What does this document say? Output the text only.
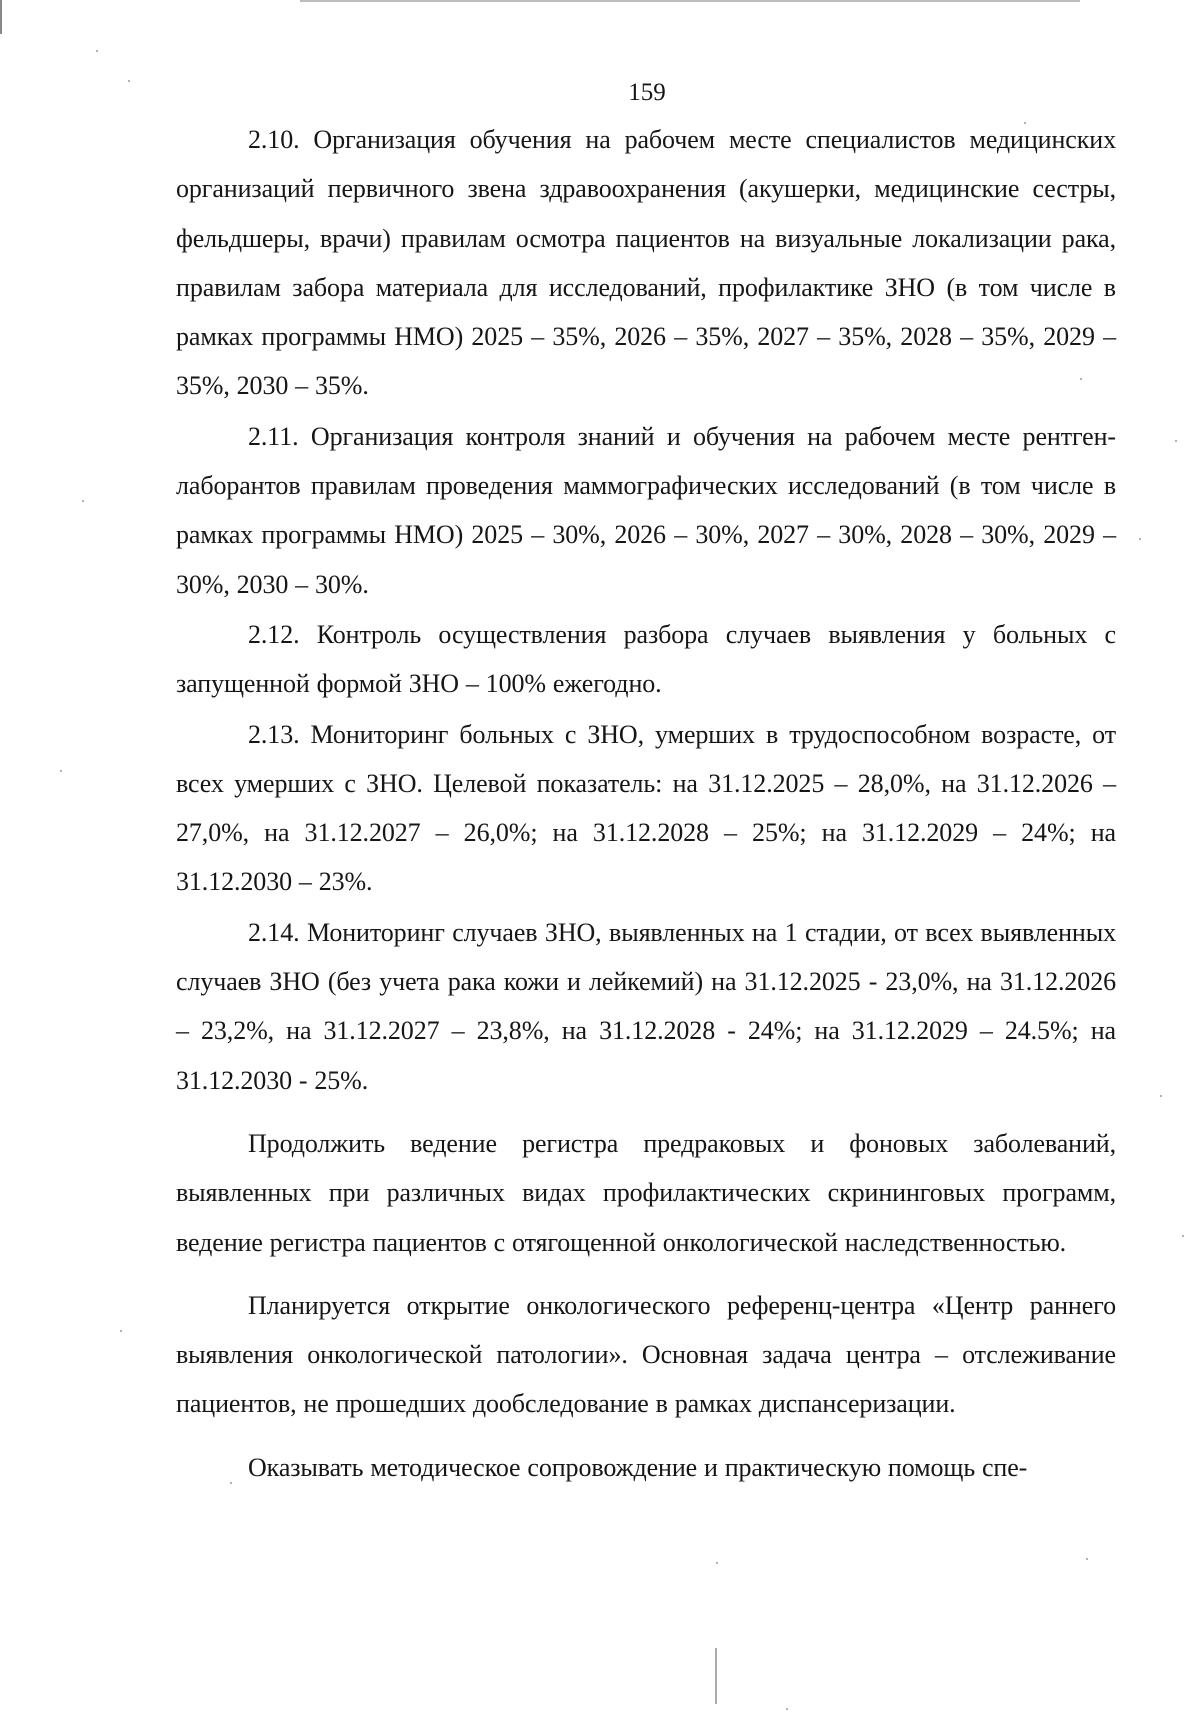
159

2.10. Организация обучения на рабочем месте специалистов медицинских организаций первичного звена здравоохранения (акушерки, медицинские сестры, фельдшеры, врачи) правилам осмотра пациентов на визуальные локализации рака, правилам забора материала для исследований, профилактике ЗНО (в том числе в рамках программы НМО) 2025 – 35%, 2026 – 35%, 2027 – 35%, 2028 – 35%, 2029 – 35%, 2030 – 35%.

2.11. Организация контроля знаний и обучения на рабочем месте рентген-лаборантов правилам проведения маммографических исследований (в том числе в рамках программы НМО) 2025 – 30%, 2026 – 30%, 2027 – 30%, 2028 – 30%, 2029 – 30%, 2030 – 30%.

2.12. Контроль осуществления разбора случаев выявления у больных с запущенной формой ЗНО – 100% ежегодно.

2.13. Мониторинг больных с ЗНО, умерших в трудоспособном возрасте, от всех умерших с ЗНО. Целевой показатель: на 31.12.2025 – 28,0%, на 31.12.2026 – 27,0%, на 31.12.2027 – 26,0%; на 31.12.2028 – 25%; на 31.12.2029 – 24%; на 31.12.2030 – 23%.

2.14. Мониторинг случаев ЗНО, выявленных на 1 стадии, от всех выявленных случаев ЗНО (без учета рака кожи и лейкемий) на 31.12.2025 - 23,0%, на 31.12.2026 – 23,2%, на 31.12.2027 – 23,8%, на 31.12.2028 - 24%; на 31.12.2029 – 24.5%; на 31.12.2030 - 25%.

Продолжить ведение регистра предраковых и фоновых заболеваний, выявленных при различных видах профилактических скрининговых программ, ведение регистра пациентов с отягощенной онкологической наследственностью.

Планируется открытие онкологического референц-центра «Центр раннего выявления онкологической патологии». Основная задача центра – отслеживание пациентов, не прошедших дообследование в рамках диспансеризации.

Оказывать методическое сопровождение и практическую помощь спе-
